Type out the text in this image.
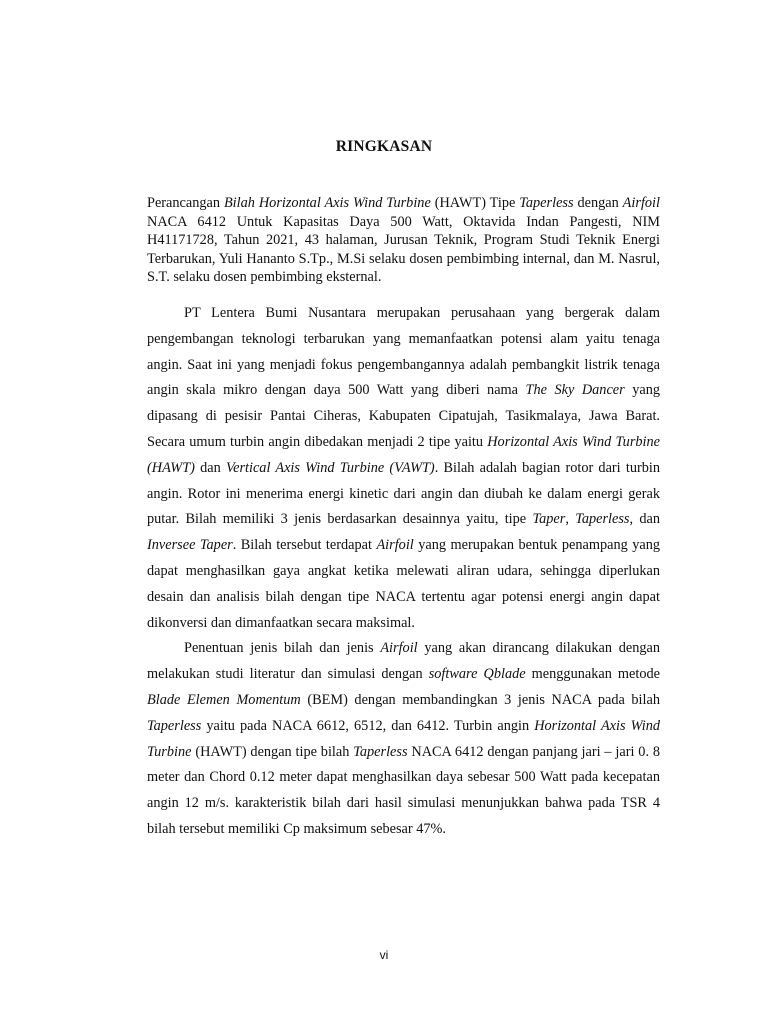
RINGKASAN

Perancangan Bilah Horizontal Axis Wind Turbine (HAWT) Tipe Taperless dengan Airfoil NACA 6412 Untuk Kapasitas Daya 500 Watt, Oktavida Indan Pangesti, NIM H41171728, Tahun 2021, 43 halaman, Jurusan Teknik, Program Studi Teknik Energi Terbarukan, Yuli Hananto S.Tp., M.Si selaku dosen pembimbing internal, dan M. Nasrul, S.T. selaku dosen pembimbing eksternal.

PT Lentera Bumi Nusantara merupakan perusahaan yang bergerak dalam pengembangan teknologi terbarukan yang memanfaatkan potensi alam yaitu tenaga angin. Saat ini yang menjadi fokus pengembangannya adalah pembangkit listrik tenaga angin skala mikro dengan daya 500 Watt yang diberi nama The Sky Dancer yang dipasang di pesisir Pantai Ciheras, Kabupaten Cipatujah, Tasikmalaya, Jawa Barat. Secara umum turbin angin dibedakan menjadi 2 tipe yaitu Horizontal Axis Wind Turbine (HAWT) dan Vertical Axis Wind Turbine (VAWT). Bilah adalah bagian rotor dari turbin angin. Rotor ini menerima energi kinetic dari angin dan diubah ke dalam energi gerak putar. Bilah memiliki 3 jenis berdasarkan desainnya yaitu, tipe Taper, Taperless, dan Inversee Taper. Bilah tersebut terdapat Airfoil yang merupakan bentuk penampang yang dapat menghasilkan gaya angkat ketika melewati aliran udara, sehingga diperlukan desain dan analisis bilah dengan tipe NACA tertentu agar potensi energi angin dapat dikonversi dan dimanfaatkan secara maksimal.

Penentuan jenis bilah dan jenis Airfoil yang akan dirancang dilakukan dengan melakukan studi literatur dan simulasi dengan software Qblade menggunakan metode Blade Elemen Momentum (BEM) dengan membandingkan 3 jenis NACA pada bilah Taperless yaitu pada NACA 6612, 6512, dan 6412. Turbin angin Horizontal Axis Wind Turbine (HAWT) dengan tipe bilah Taperless NACA 6412 dengan panjang jari – jari 0. 8 meter dan Chord 0.12 meter dapat menghasilkan daya sebesar 500 Watt pada kecepatan angin 12 m/s. karakteristik bilah dari hasil simulasi menunjukkan bahwa pada TSR 4 bilah tersebut memiliki Cp maksimum sebesar 47%.

vi
